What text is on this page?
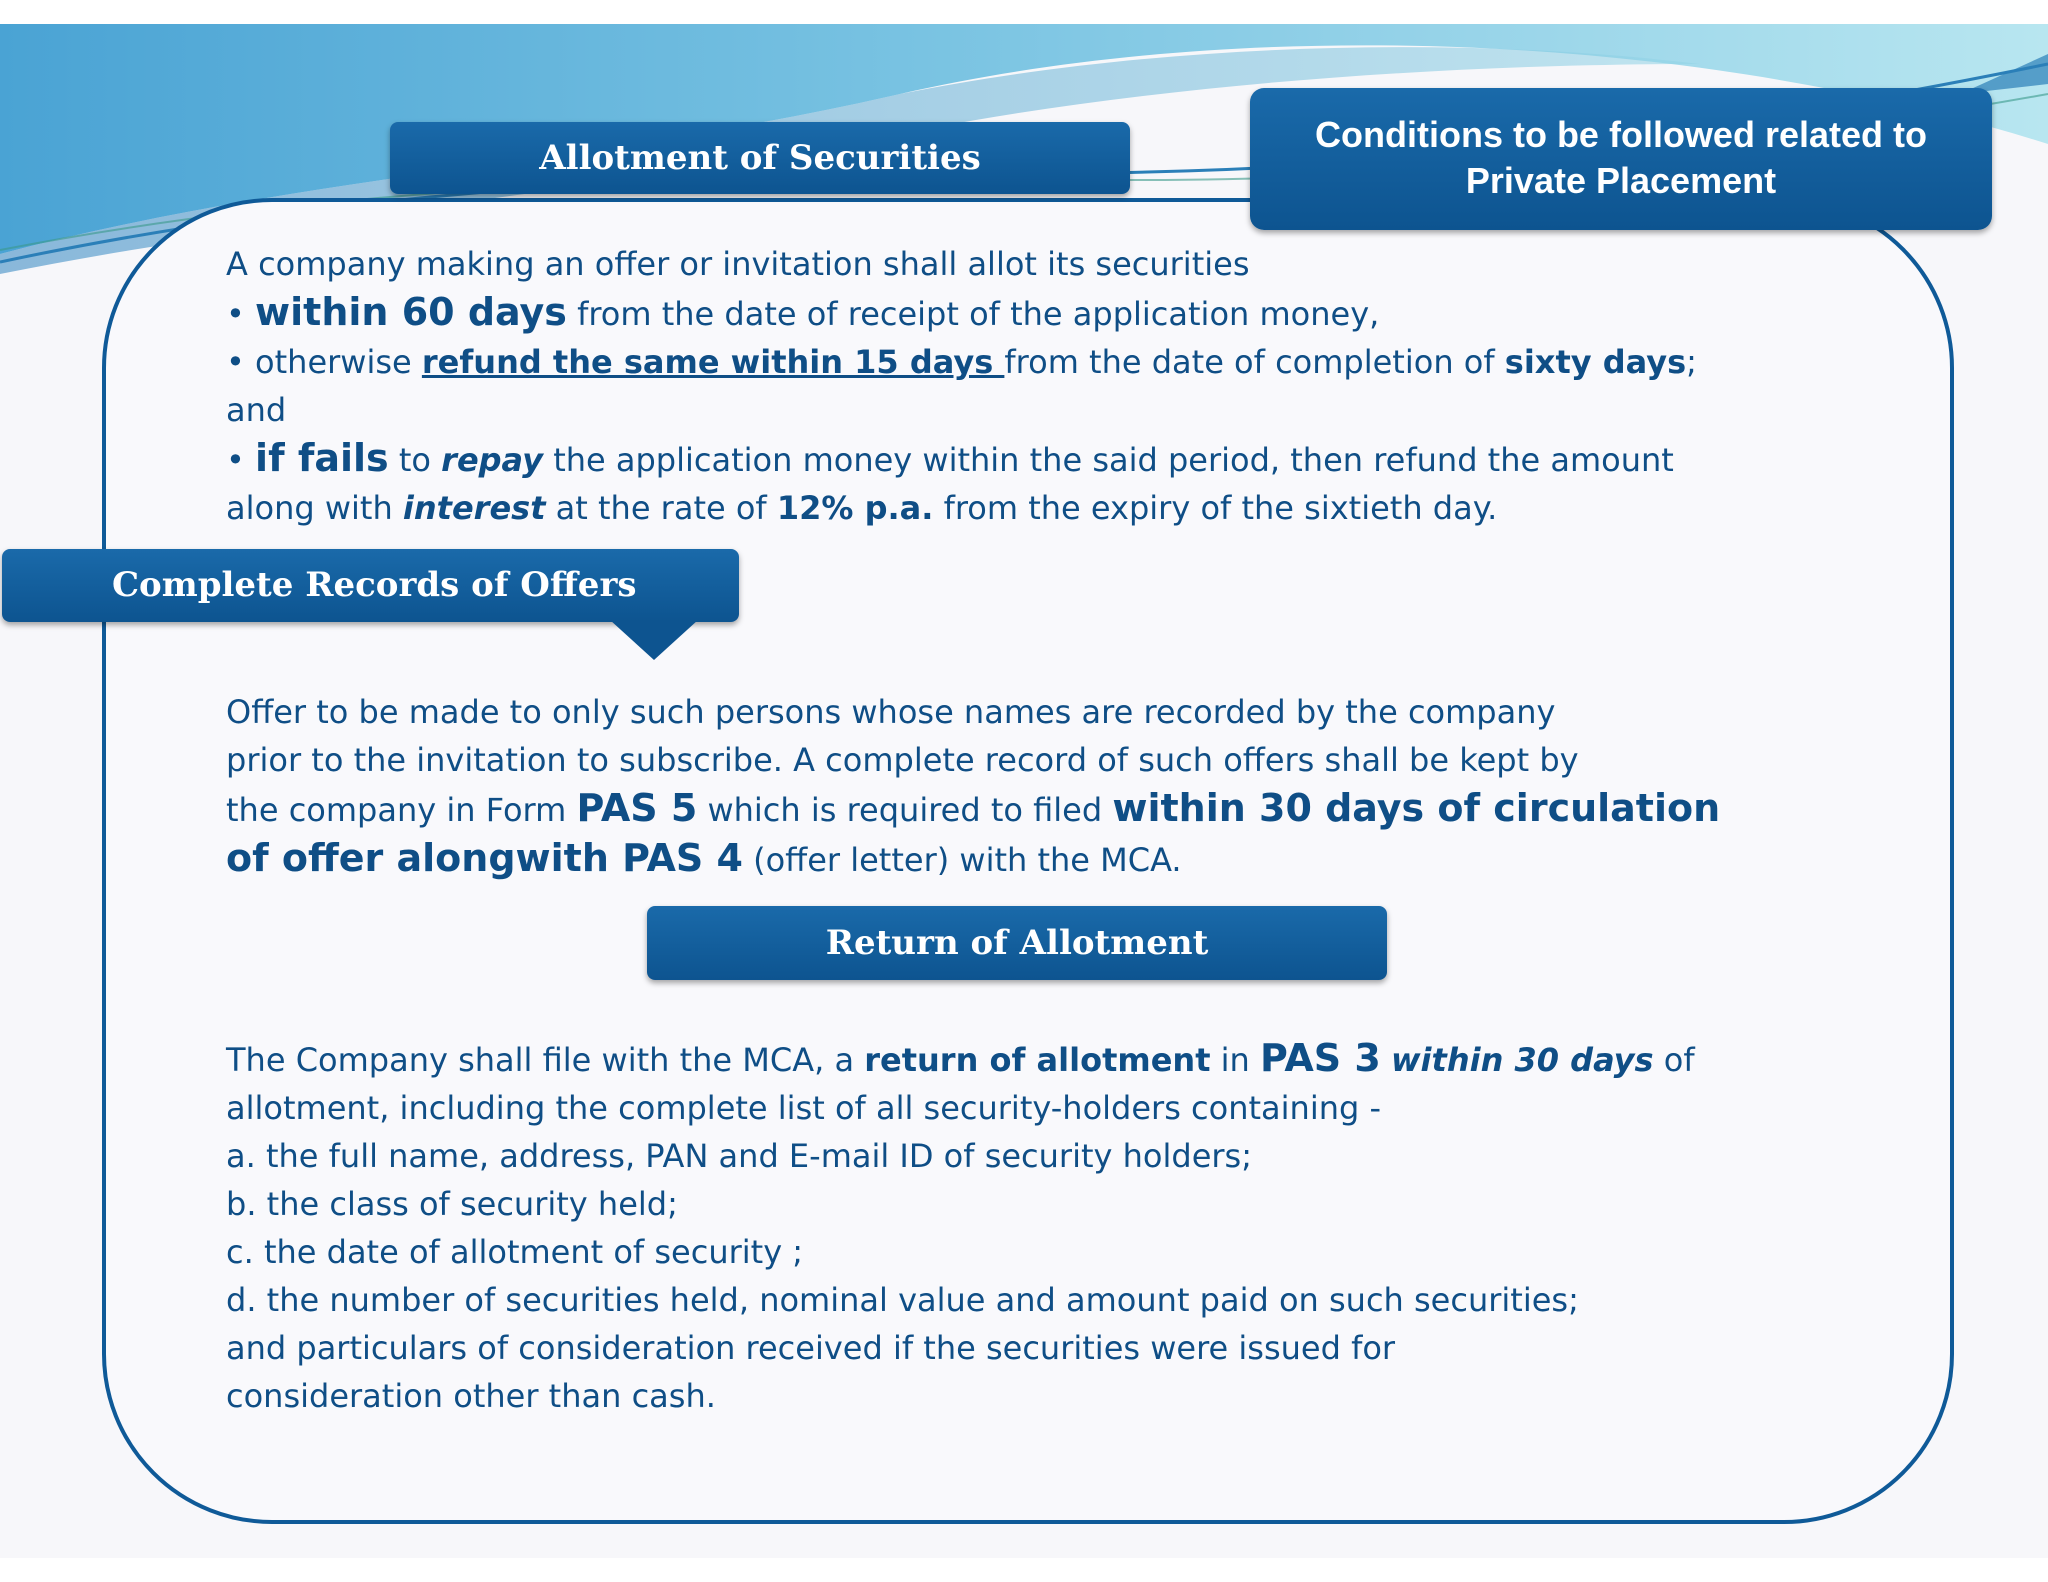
Allotment of Securities
Conditions to be followed related to
Private Placement

A company making an offer or invitation shall allot its securities

• within 60 days from the date of receipt of the application money,

• otherwise refund the same within 15 days from the date of completion of sixty days;

and

• if fails to repay the application money within the said period, then refund the amount

along with interest at the rate of 12% p.a. from the expiry of the sixtieth day.

Complete Records of Offers

Offer to be made to only such persons whose names are recorded by the company

prior to the invitation to subscribe. A complete record of such offers shall be kept by

the company in Form PAS 5 which is required to filed within 30 days of circulation

of offer alongwith PAS 4 (offer letter) with the MCA.

Return of Allotment

The Company shall file with the MCA, a return of allotment in PAS 3 within 30 days of

allotment, including the complete list of all security-holders containing -

a. the full name, address, PAN and E-mail ID of security holders;

b. the class of security held;

c. the date of allotment of security ;

d. the number of securities held, nominal value and amount paid on such securities;

and particulars of consideration received if the securities were issued for

consideration other than cash.
